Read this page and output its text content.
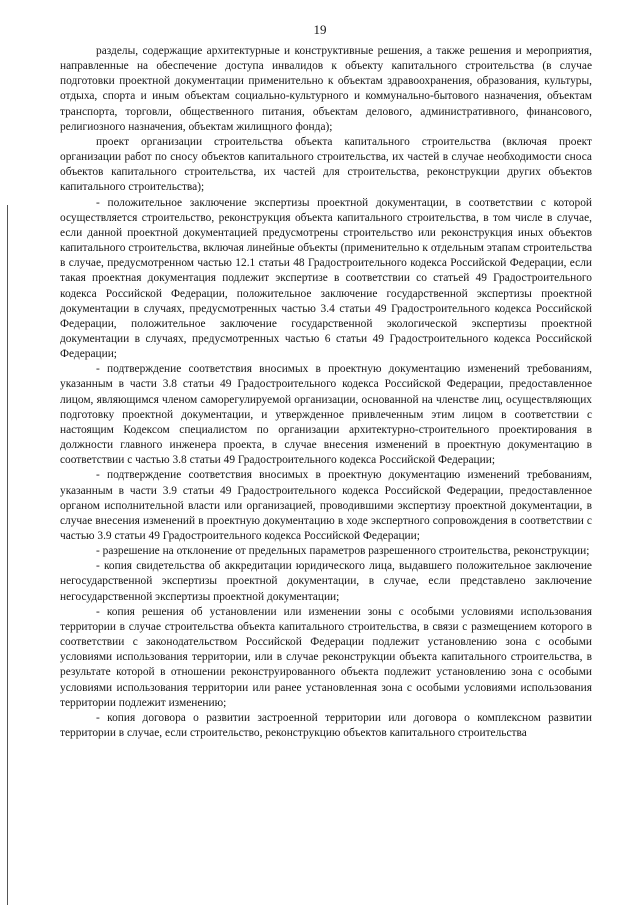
19

разделы, содержащие архитектурные и конструктивные решения, а также решения и мероприятия, направленные на обеспечение доступа инвалидов к объекту капитального строительства (в случае подготовки проектной документации применительно к объектам здравоохранения, образования, культуры, отдыха, спорта и иным объектам социально-культурного и коммунально-бытового назначения, объектам транспорта, торговли, общественного питания, объектам делового, административного, финансового, религиозного назначения, объектам жилищного фонда);

проект организации строительства объекта капитального строительства (включая проект организации работ по сносу объектов капитального строительства, их частей в случае необходимости сноса объектов капитального строительства, их частей для строительства, реконструкции других объектов капитального строительства);

- положительное заключение экспертизы проектной документации, в соответствии с которой осуществляется строительство, реконструкция объекта капитального строительства, в том числе в случае, если данной проектной документацией предусмотрены строительство или реконструкция иных объектов капитального строительства, включая линейные объекты (применительно к отдельным этапам строительства в случае, предусмотренном частью 12.1 статьи 48 Градостроительного кодекса Российской Федерации, если такая проектная документация подлежит экспертизе в соответствии со статьей 49 Градостроительного кодекса Российской Федерации, положительное заключение государственной экспертизы проектной документации в случаях, предусмотренных частью 3.4 статьи 49 Градостроительного кодекса Российской Федерации, положительное заключение государственной экологической экспертизы проектной документации в случаях, предусмотренных частью 6 статьи 49 Градостроительного кодекса Российской Федерации;

- подтверждение соответствия вносимых в проектную документацию изменений требованиям, указанным в части 3.8 статьи 49 Градостроительного кодекса Российской Федерации, предоставленное лицом, являющимся членом саморегулируемой организации, основанной на членстве лиц, осуществляющих подготовку проектной документации, и утвержденное привлеченным этим лицом в соответствии с настоящим Кодексом специалистом по организации архитектурно-строительного проектирования в должности главного инженера проекта, в случае внесения изменений в проектную документацию в соответствии с частью 3.8 статьи 49 Градостроительного кодекса Российской Федерации;

- подтверждение соответствия вносимых в проектную документацию изменений требованиям, указанным в части 3.9 статьи 49 Градостроительного кодекса Российской Федерации, предоставленное органом исполнительной власти или организацией, проводившими экспертизу проектной документации, в случае внесения изменений в проектную документацию в ходе экспертного сопровождения в соответствии с частью 3.9 статьи 49 Градостроительного кодекса Российской Федерации;

- разрешение на отклонение от предельных параметров разрешенного строительства, реконструкции;

- копия свидетельства об аккредитации юридического лица, выдавшего положительное заключение негосударственной экспертизы проектной документации, в случае, если представлено заключение негосударственной экспертизы проектной документации;

- копия решения об установлении или изменении зоны с особыми условиями использования территории в случае строительства объекта капитального строительства, в связи с размещением которого в соответствии с законодательством Российской Федерации подлежит установлению зона с особыми условиями использования территории, или в случае реконструкции объекта капитального строительства, в результате которой в отношении реконструированного объекта подлежит установлению зона с особыми условиями использования территории или ранее установленная зона с особыми условиями использования территории подлежит изменению;

- копия договора о развитии застроенной территории или договора о комплексном развитии территории в случае, если строительство, реконструкцию объектов капитального строительства
